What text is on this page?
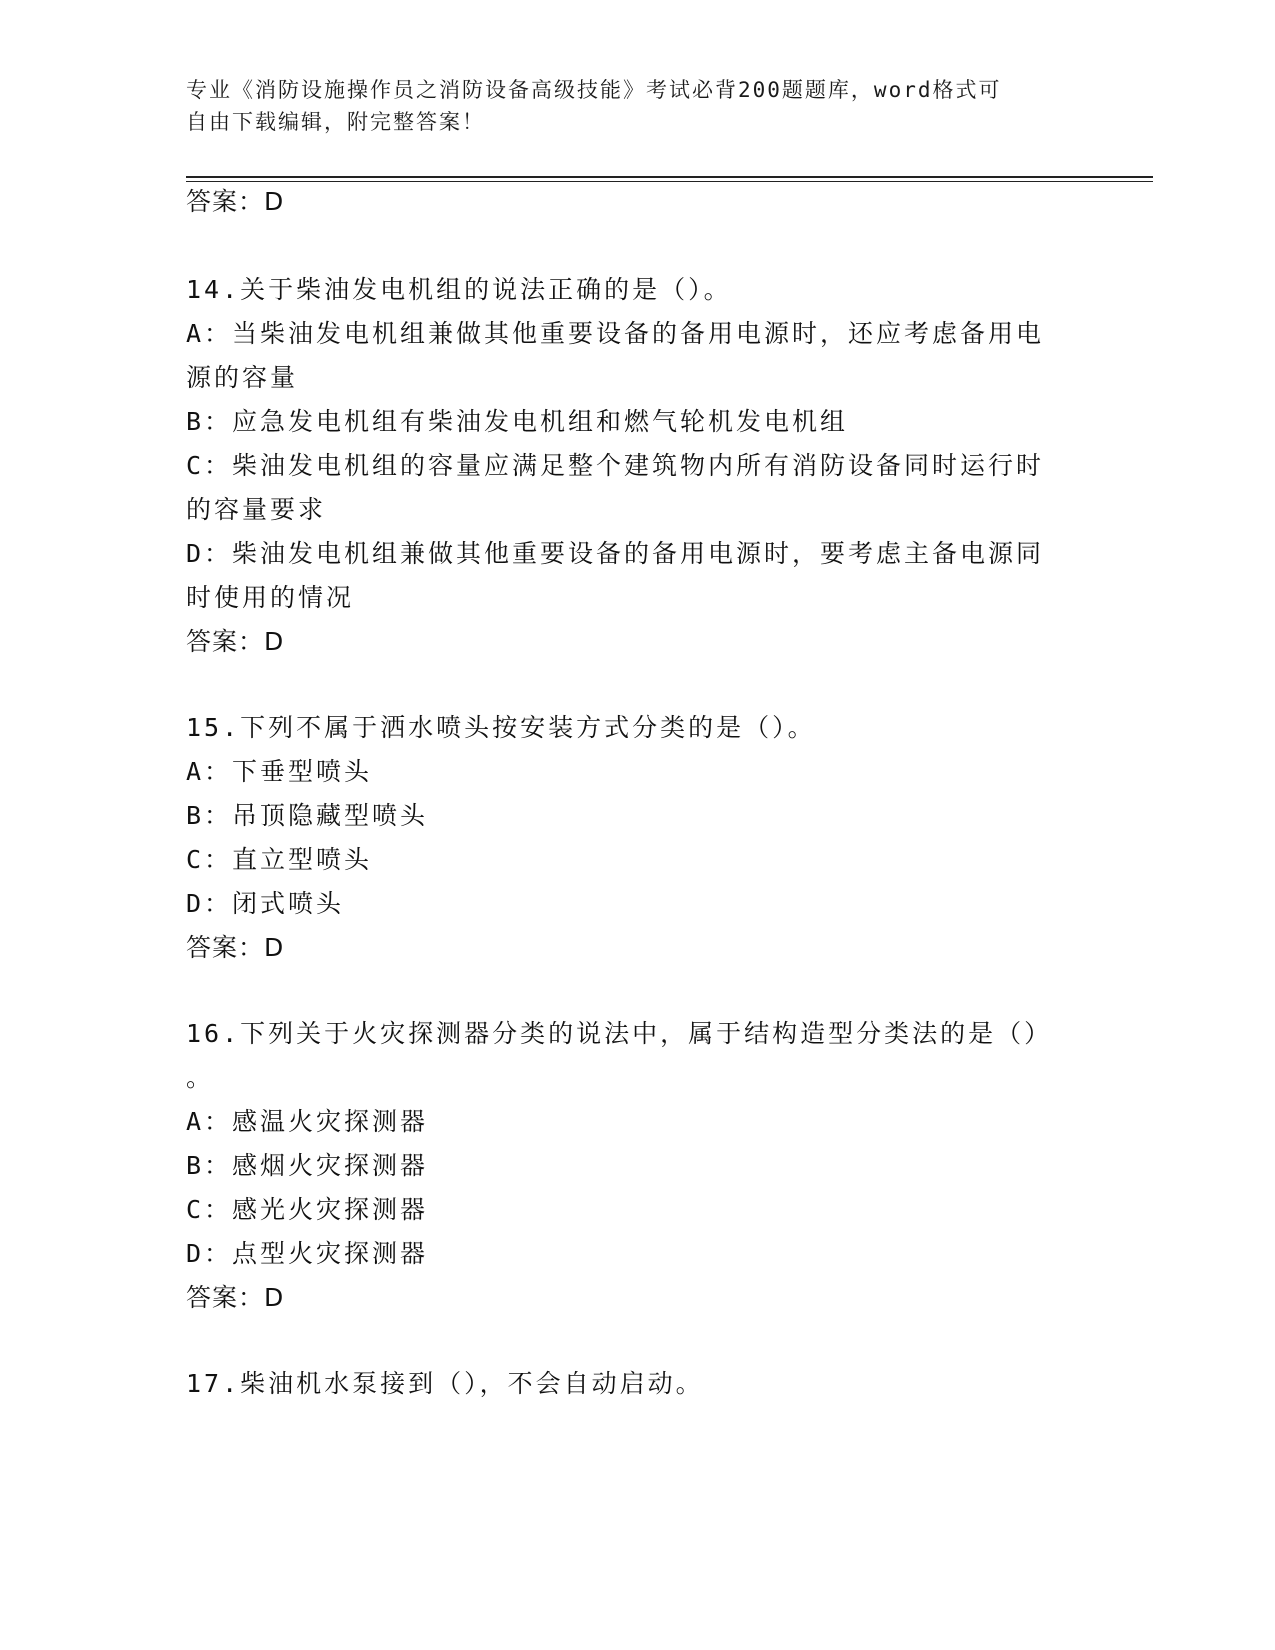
专业《消防设施操作员之消防设备高级技能》考试必背200题题库，word格式可
自由下载编辑，附完整答案！
答案：D
14.关于柴油发电机组的说法正确的是（）。
A：当柴油发电机组兼做其他重要设备的备用电源时，还应考虑备用电
源的容量
B：应急发电机组有柴油发电机组和燃气轮机发电机组
C：柴油发电机组的容量应满足整个建筑物内所有消防设备同时运行时
的容量要求
D：柴油发电机组兼做其他重要设备的备用电源时，要考虑主备电源同
时使用的情况
答案：D
15.下列不属于洒水喷头按安装方式分类的是（）。
A：下垂型喷头
B：吊顶隐藏型喷头
C：直立型喷头
D：闭式喷头
答案：D
16.下列关于火灾探测器分类的说法中，属于结构造型分类法的是（）
。
A：感温火灾探测器
B：感烟火灾探测器
C：感光火灾探测器
D：点型火灾探测器
答案：D
17.柴油机水泵接到（），不会自动启动。
